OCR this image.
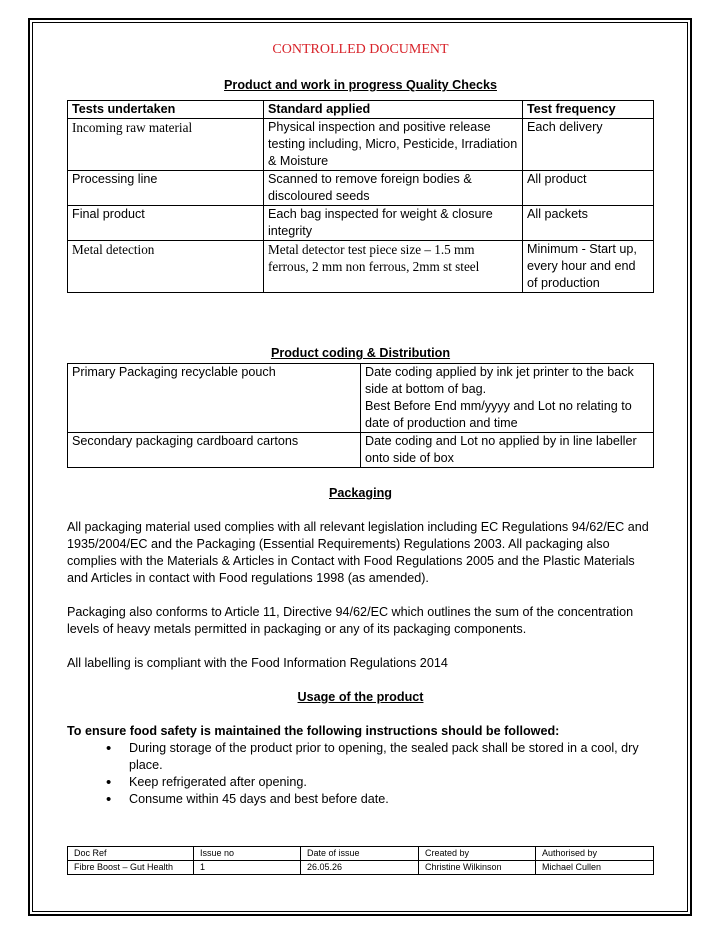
CONTROLLED DOCUMENT

Product and work in progress Quality Checks

Tests undertaken	Standard applied	Test frequency
Incoming raw material	Physical inspection and positive release testing including, Micro, Pesticide, Irradiation & Moisture	Each delivery
Processing line	Scanned to remove foreign bodies & discoloured seeds	All product
Final product	Each bag inspected for weight & closure integrity	All packets
Metal detection	Metal detector test piece size – 1.5 mm ferrous, 2 mm non ferrous, 2mm st steel	Minimum - Start up, every hour and end of production

Product coding & Distribution

Primary Packaging recyclable pouch	Date coding applied by ink jet printer to the back side at bottom of bag.
Best Before End mm/yyyy and Lot no relating to date of production and time

Secondary packaging cardboard cartons	Date coding and Lot no applied by in line labeller onto side of box

Packaging

All packaging material used complies with all relevant legislation including EC Regulations 94/62/EC and 1935/2004/EC and the Packaging (Essential Requirements) Regulations 2003. All packaging also complies with the Materials & Articles in Contact with Food Regulations 2005 and the Plastic Materials and Articles in contact with Food regulations 1998 (as amended).

Packaging also conforms to Article 11, Directive 94/62/EC which outlines the sum of the concentration levels of heavy metals permitted in packaging or any of its packaging components.

All labelling is compliant with the Food Information Regulations 2014

Usage of the product

To ensure food safety is maintained the following instructions should be followed:

• During storage of the product prior to opening, the sealed pack shall be stored in a cool, dry place.
• Keep refrigerated after opening.
• Consume within 45 days and best before date.
Doc Ref	Issue no	Date of issue	Created by	Authorised by
Fibre Boost – Gut Health	1	26.05.26	Christine Wilkinson	Michael Cullen
